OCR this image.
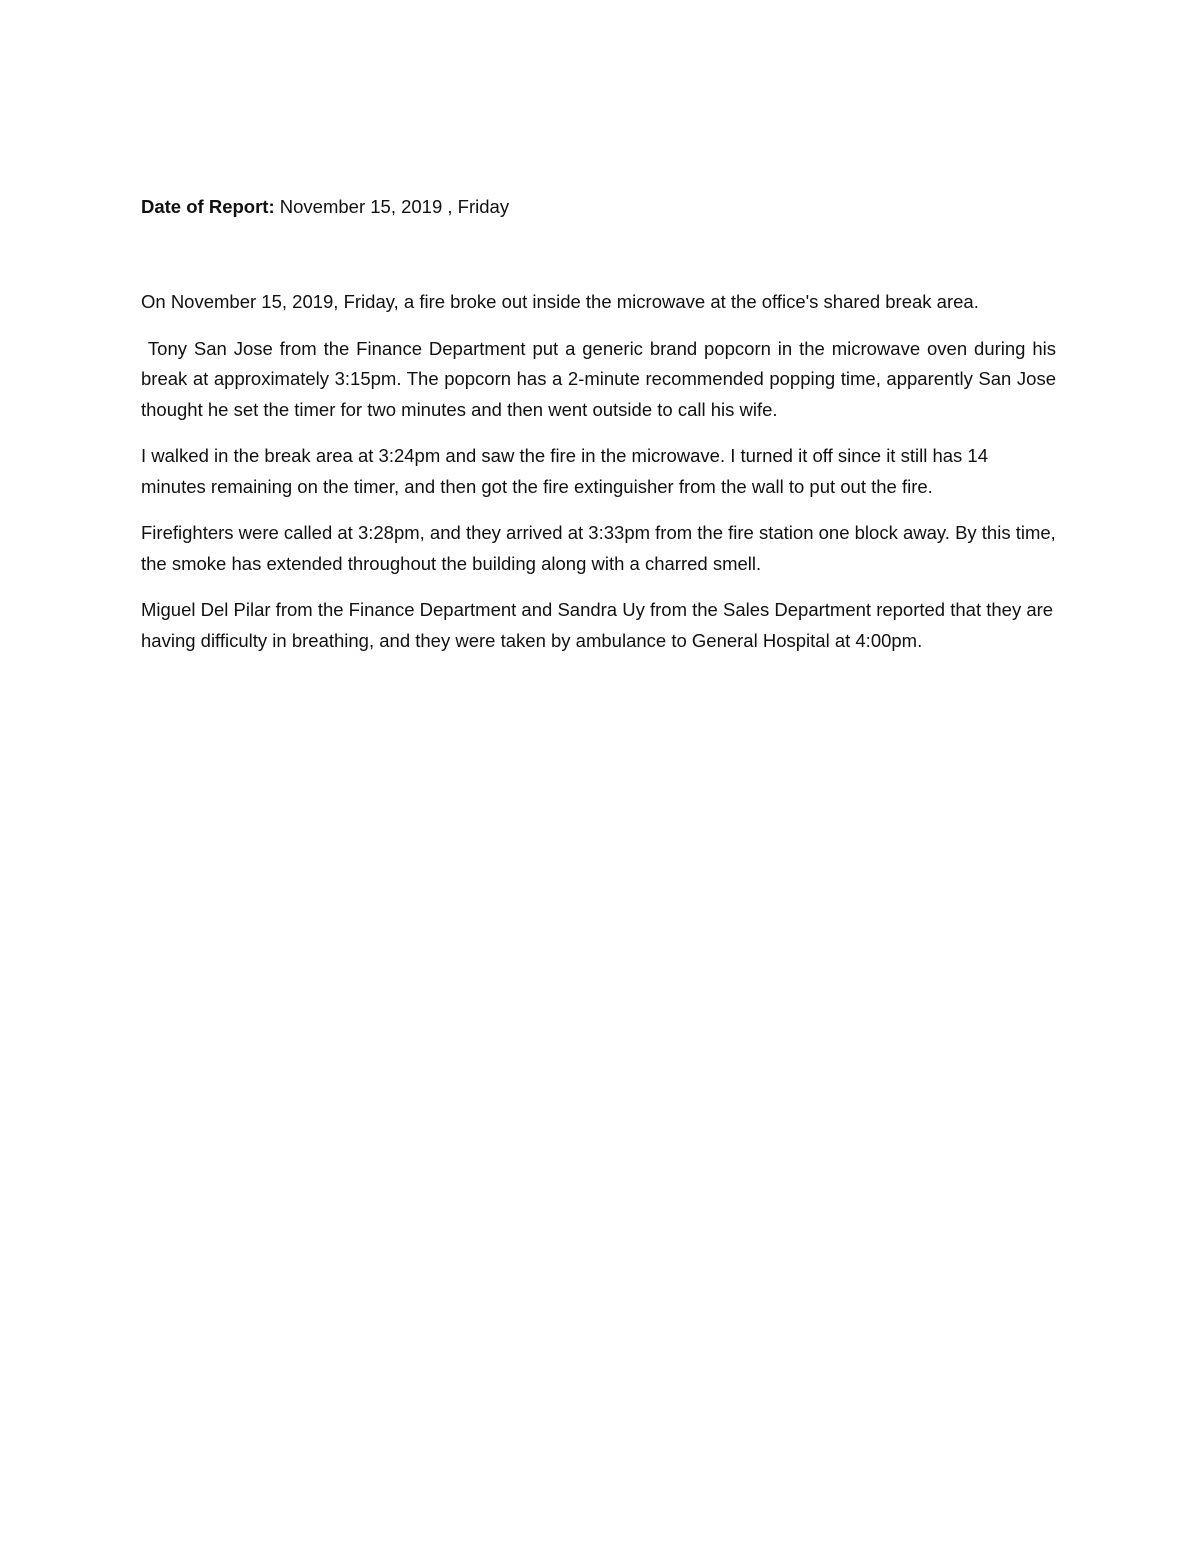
Date of Report: November 15, 2019 , Friday

On November 15, 2019, Friday, a fire broke out inside the microwave at the office's shared break area.

Tony San Jose from the Finance Department put a generic brand popcorn in the microwave oven during his break at approximately 3:15pm. The popcorn has a 2-minute recommended popping time, apparently San Jose thought he set the timer for two minutes and then went outside to call his wife.

I walked in the break area at 3:24pm and saw the fire in the microwave. I turned it off since it still has 14 minutes remaining on the timer, and then got the fire extinguisher from the wall to put out the fire.

Firefighters were called at 3:28pm, and they arrived at 3:33pm from the fire station one block away. By this time, the smoke has extended throughout the building along with a charred smell.

Miguel Del Pilar from the Finance Department and Sandra Uy from the Sales Department reported that they are having difficulty in breathing, and they were taken by ambulance to General Hospital at 4:00pm.
